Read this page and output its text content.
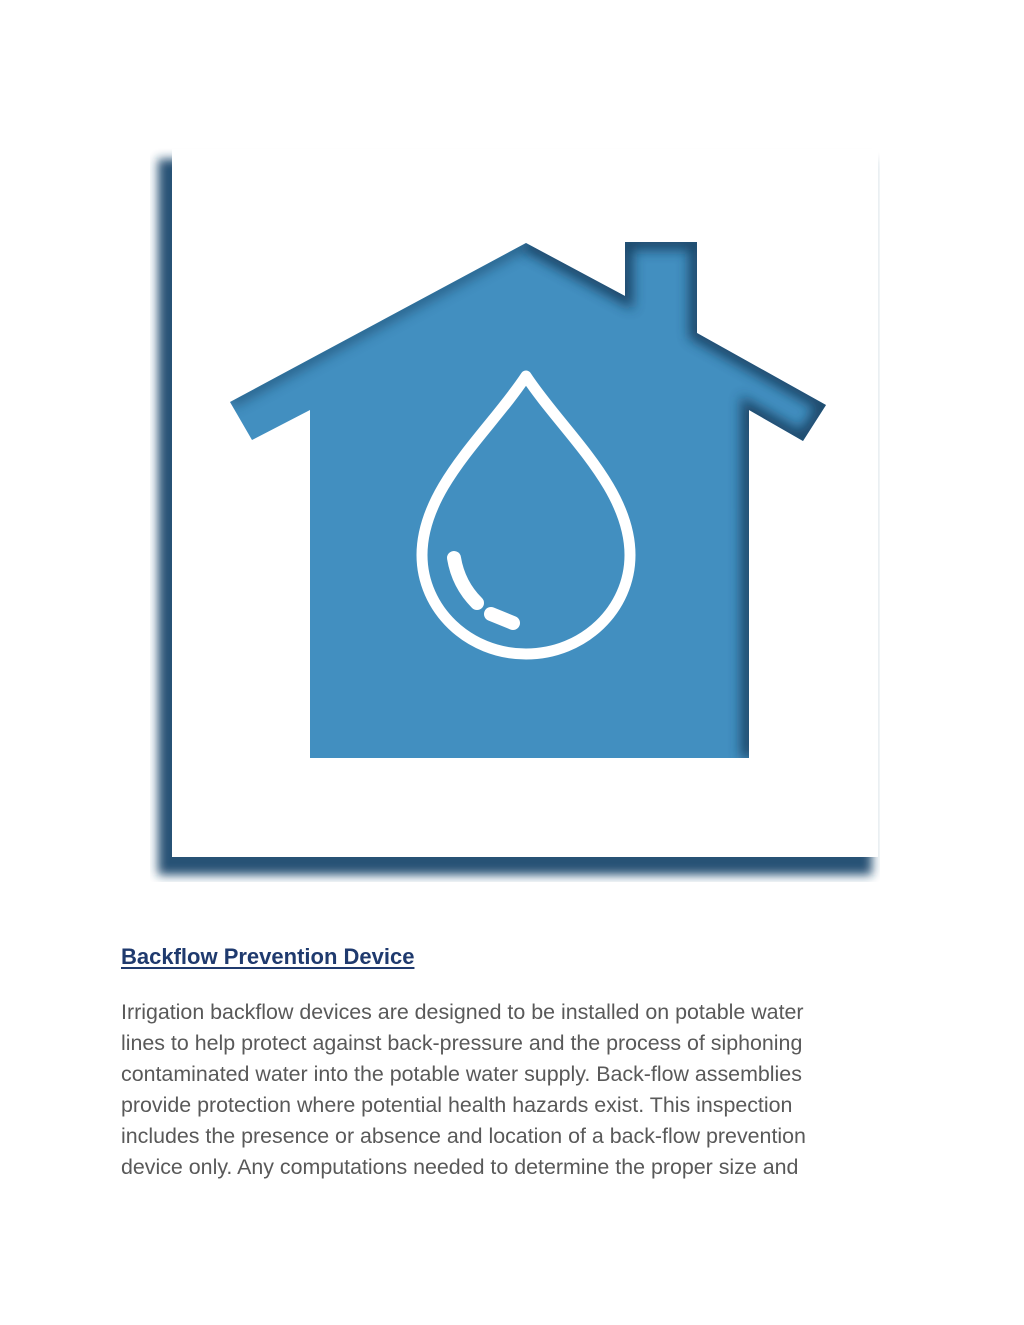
Backflow Prevention Device

Irrigation backflow devices are designed to be installed on potable water
lines to help protect against back-pressure and the process of siphoning
contaminated water into the potable water supply. Back-flow assemblies
provide protection where potential health hazards exist. This inspection
includes the presence or absence and location of a back-flow prevention
device only. Any computations needed to determine the proper size and
